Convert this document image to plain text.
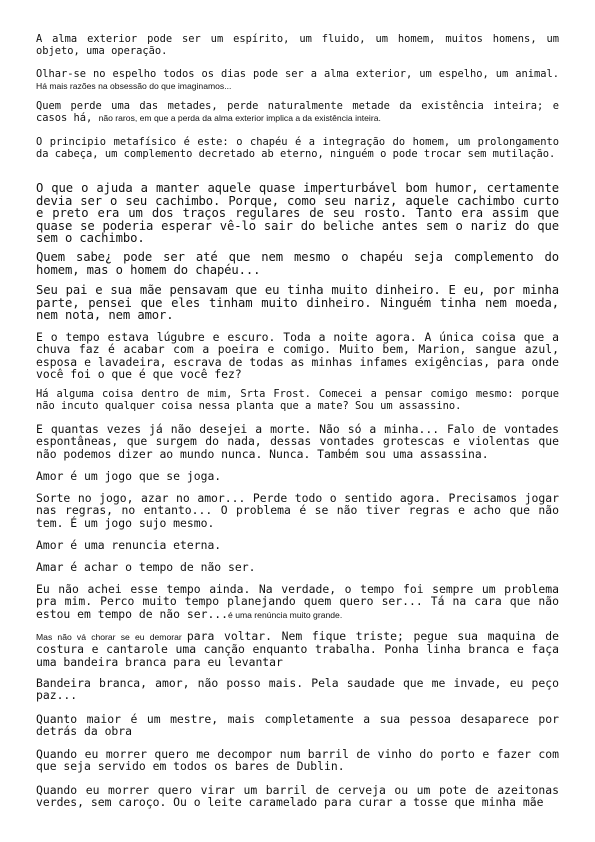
A alma exterior pode ser um espírito, um fluido, um homem, muitos homens, um objeto, uma operação.

Olhar-se no espelho todos os dias pode ser a alma exterior, um espelho, um animal. Há mais razões na obsessão do que imaginamos...

Quem perde uma das metades, perde naturalmente metade da existência inteira; e casos há, não raros, em que a perda da alma exterior implica a da existência inteira.

O principio metafísico é este: o chapéu é a integração do homem, um prolongamento da cabeça, um complemento decretado ab eterno, ninguém o pode trocar sem mutilação.

O que o ajuda a manter aquele quase imperturbável bom humor, certamente devia ser o seu cachimbo. Porque, como seu nariz, aquele cachimbo curto e preto era um dos traços regulares de seu rosto. Tanto era assim que quase se poderia esperar vê-lo sair do beliche antes sem o nariz do que sem o cachimbo.

Quem sabe¿ pode ser até que nem mesmo o chapéu seja complemento do homem, mas o homem do chapéu...

Seu pai e sua mãe pensavam que eu tinha muito dinheiro. E eu, por minha parte, pensei que eles tinham muito dinheiro. Ninguém tinha nem moeda, nem nota, nem amor.

E o tempo estava lúgubre e escuro. Toda a noite agora. A única coisa que a chuva faz é acabar com a poeira e comigo. Muito bem, Marion, sangue azul, esposa e lavadeira, escrava de todas as minhas infames exigências, para onde você foi o que é que você fez?

Há alguma coisa dentro de mim, Srta Frost. Comecei a pensar comigo mesmo: porque não incuto qualquer coisa nessa planta que a mate? Sou um assassino.

E quantas vezes já não desejei a morte. Não só a minha... Falo de vontades espontâneas, que surgem do nada, dessas vontades grotescas e violentas que não podemos dizer ao mundo nunca. Nunca. Também sou uma assassina.

Amor é um jogo que se joga.

Sorte no jogo, azar no amor... Perde todo o sentido agora. Precisamos jogar nas regras, no entanto... O problema é se não tiver regras e acho que não tem. É um jogo sujo mesmo.

Amor é uma renuncia eterna.

Amar é achar o tempo de não ser.

Eu não achei esse tempo ainda. Na verdade, o tempo foi sempre um problema pra mim. Perco muito tempo planejando quem quero ser... Tá na cara que não estou em tempo de não ser...é uma renúncia muito grande.

Mas não vá chorar se eu demorar para voltar. Nem fique triste; pegue sua maquina de costura e cantarole uma canção enquanto trabalha. Ponha linha branca e faça uma bandeira branca para eu levantar

Bandeira branca, amor, não posso mais. Pela saudade que me invade, eu peço paz...

Quanto maior é um mestre, mais completamente a sua pessoa desaparece por detrás da obra

Quando eu morrer quero me decompor num barril de vinho do porto e fazer com que seja servido em todos os bares de Dublin.

Quando eu morrer quero virar um barril de cerveja ou um pote de azeitonas verdes, sem caroço. Ou o leite caramelado para curar a tosse que minha mãe
